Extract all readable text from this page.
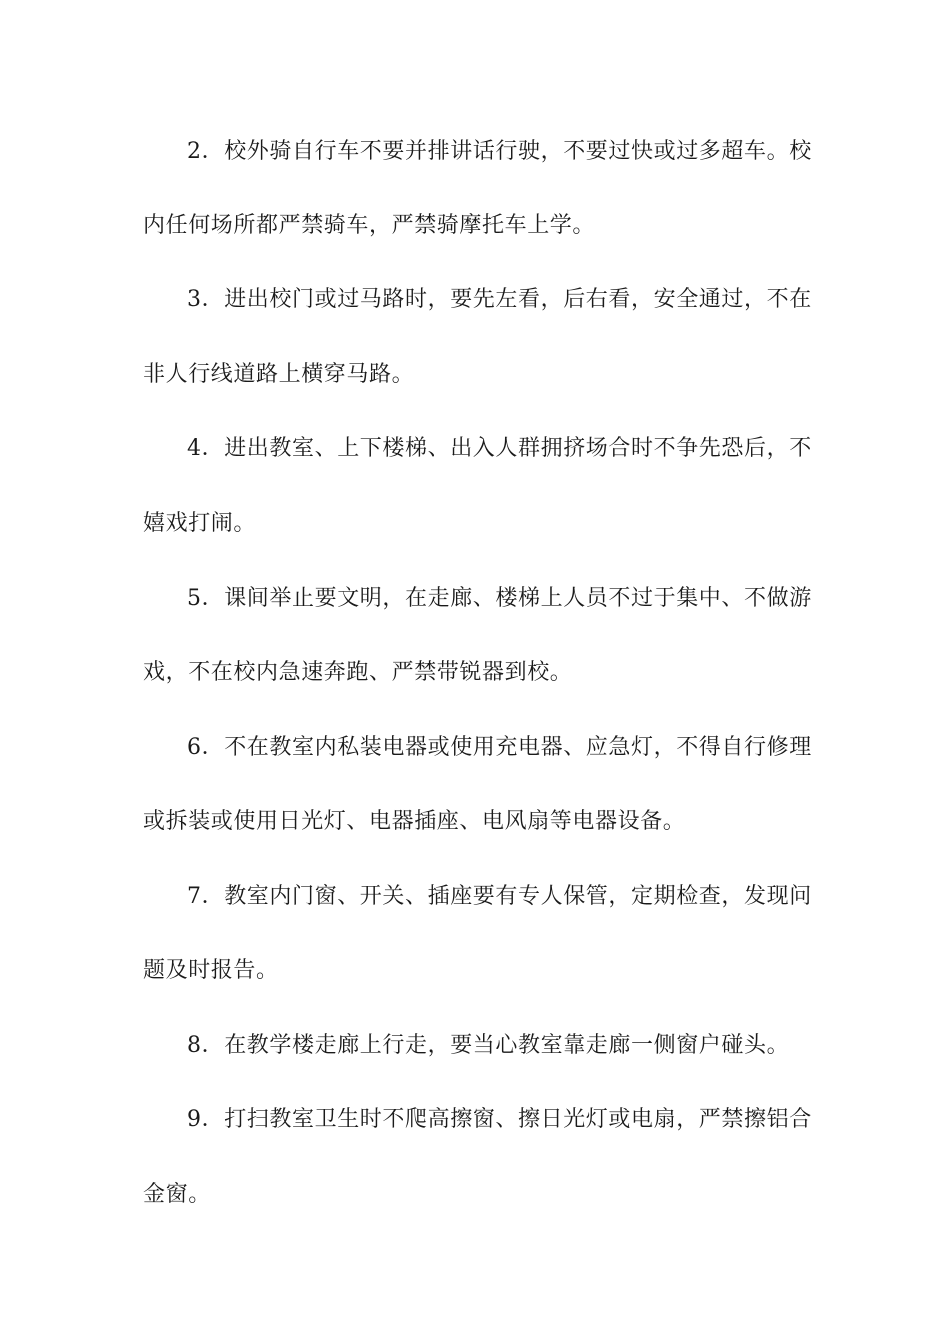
2．校外骑自行车不要并排讲话行驶，不要过快或过多超车。校
内任何场所都严禁骑车，严禁骑摩托车上学。
3．进出校门或过马路时，要先左看，后右看，安全通过，不在
非人行线道路上横穿马路。
4．进出教室、上下楼梯、出入人群拥挤场合时不争先恐后，不
嬉戏打闹。
5．课间举止要文明，在走廊、楼梯上人员不过于集中、不做游
戏，不在校内急速奔跑、严禁带锐器到校。
6．不在教室内私装电器或使用充电器、应急灯，不得自行修理
或拆装或使用日光灯、电器插座、电风扇等电器设备。
7．教室内门窗、开关、插座要有专人保管，定期检查，发现问
题及时报告。
8．在教学楼走廊上行走，要当心教室靠走廊一侧窗户碰头。
9．打扫教室卫生时不爬高擦窗、擦日光灯或电扇，严禁擦铝合
金窗。
